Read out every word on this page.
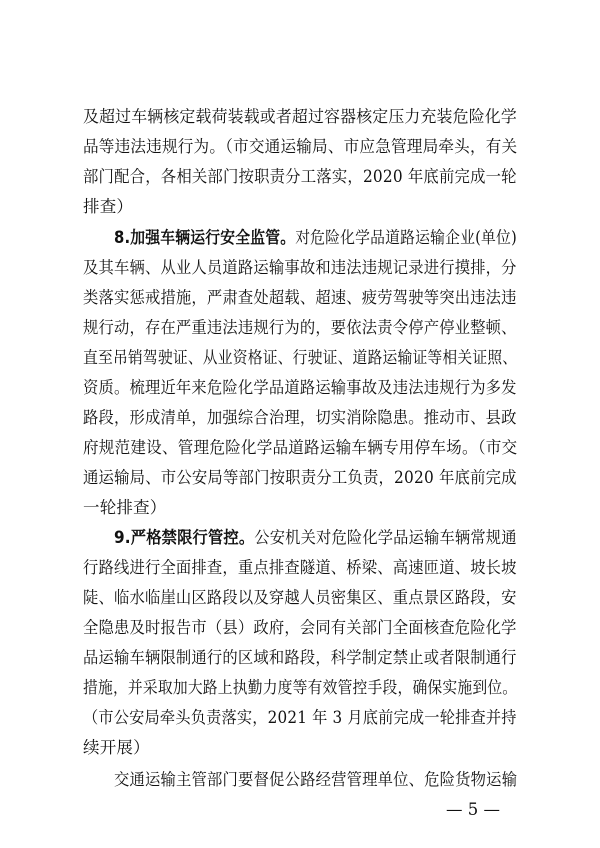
及超过车辆核定载荷装载或者超过容器核定压力充装危险化学
品等违法违规行为。（市交通运输局、市应急管理局牵头，有关
部门配合，各相关部门按职责分工落实，2020 年底前完成一轮
排查）
8.加强车辆运行安全监管。对危险化学品道路运输企业(单位)
及其车辆、从业人员道路运输事故和违法违规记录进行摸排，分
类落实惩戒措施，严肃查处超载、超速、疲劳驾驶等突出违法违
规行动，存在严重违法违规行为的，要依法责令停产停业整顿、
直至吊销驾驶证、从业资格证、行驶证、道路运输证等相关证照、
资质。梳理近年来危险化学品道路运输事故及违法违规行为多发
路段，形成清单，加强综合治理，切实消除隐患。推动市、县政
府规范建设、管理危险化学品道路运输车辆专用停车场。（市交
通运输局、市公安局等部门按职责分工负责，2020 年底前完成
一轮排查）
9.严格禁限行管控。公安机关对危险化学品运输车辆常规通
行路线进行全面排查，重点排查隧道、桥梁、高速匝道、坡长坡
陡、临水临崖山区路段以及穿越人员密集区、重点景区路段，安
全隐患及时报告市（县）政府，会同有关部门全面核查危险化学
品运输车辆限制通行的区域和路段，科学制定禁止或者限制通行
措施，并采取加大路上执勤力度等有效管控手段，确保实施到位。
（市公安局牵头负责落实，2021 年 3 月底前完成一轮排查并持
续开展）
交通运输主管部门要督促公路经营管理单位、危险货物运输
— 5 —
